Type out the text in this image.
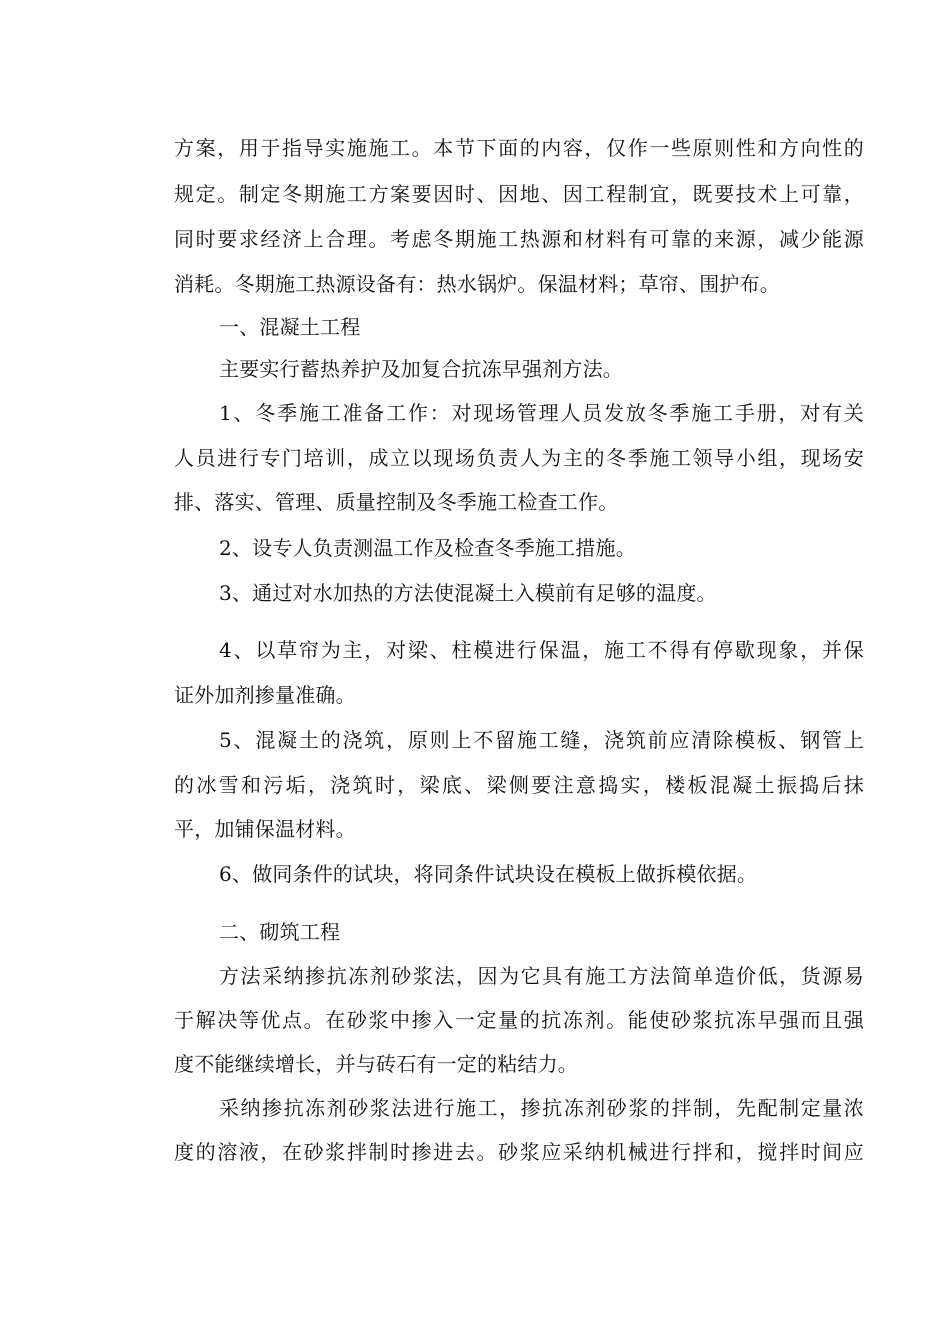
方案，用于指导实施施工。本节下面的内容，仅作一些原则性和方向性的
规定。制定冬期施工方案要因时、因地、因工程制宜，既要技术上可靠，
同时要求经济上合理。考虑冬期施工热源和材料有可靠的来源，减少能源
消耗。冬期施工热源设备有：热水锅炉。保温材料；草帘、围护布。
一、混凝土工程
主要实行蓄热养护及加复合抗冻早强剂方法。
1、冬季施工准备工作：对现场管理人员发放冬季施工手册，对有关
人员进行专门培训，成立以现场负责人为主的冬季施工领导小组，现场安
排、落实、管理、质量控制及冬季施工检查工作。
2、设专人负责测温工作及检查冬季施工措施。
3、通过对水加热的方法使混凝土入模前有足够的温度。
4、以草帘为主，对梁、柱模进行保温，施工不得有停歇现象，并保
证外加剂掺量准确。
5、混凝土的浇筑，原则上不留施工缝，浇筑前应清除模板、钢管上
的冰雪和污垢，浇筑时，梁底、梁侧要注意捣实，楼板混凝土振捣后抹
平，加铺保温材料。
6、做同条件的试块，将同条件试块设在模板上做拆模依据。
二、砌筑工程
方法采纳掺抗冻剂砂浆法，因为它具有施工方法简单造价低，货源易
于解决等优点。在砂浆中掺入一定量的抗冻剂。能使砂浆抗冻早强而且强
度不能继续增长，并与砖石有一定的粘结力。
采纳掺抗冻剂砂浆法进行施工，掺抗冻剂砂浆的拌制，先配制定量浓
度的溶液，在砂浆拌制时掺进去。砂浆应采纳机械进行拌和，搅拌时间应
